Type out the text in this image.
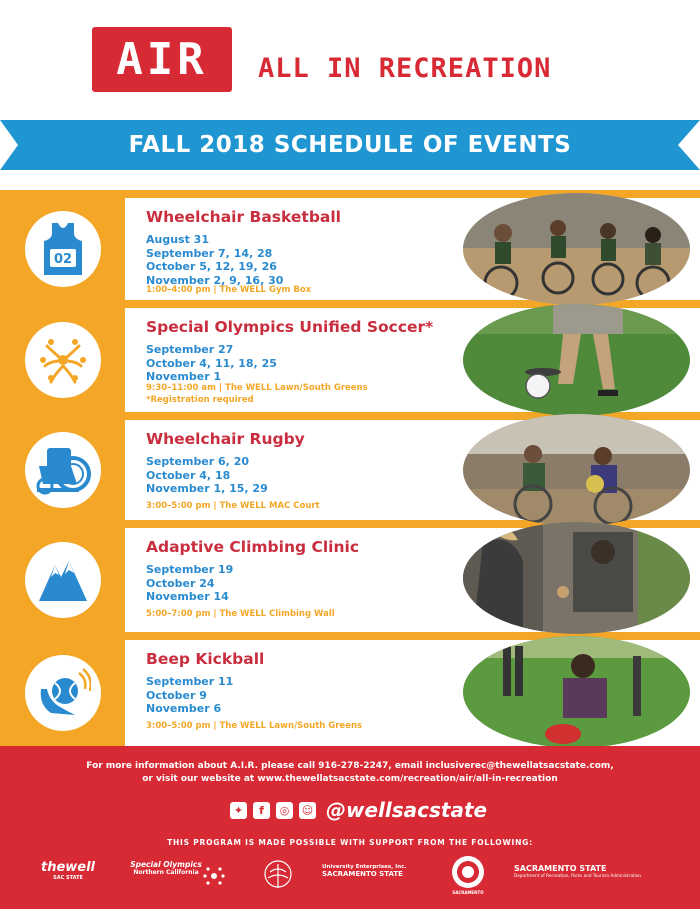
AIR ALL IN RECREATION
FALL 2018 SCHEDULE OF EVENTS
02
Wheelchair Basketball
August 31
September 7, 14, 28
October 5, 12, 19, 26
November 2, 9, 16, 30
1:00–4:00 pm | The WELL Gym Box
Special Olympics Unified Soccer*
September 27
October 4, 11, 18, 25
November 1
9:30–11:00 am | The WELL Lawn/South Greens
*Registration required
Wheelchair Rugby
September 6, 20
October 4, 18
November 1, 15, 29
3:00–5:00 pm | The WELL MAC Court
Adaptive Climbing Clinic
September 19
October 24
November 14
5:00–7:00 pm | The WELL Climbing Wall
Beep Kickball
September 11
October 9
November 6
3:00–5:00 pm | The WELL Lawn/South Greens
For more information about A.I.R. please call 916-278-2247, email inclusiverec@thewellatsacstate.com,
or visit our website at www.thewellatsacstate.com/recreation/air/all-in-recreation
✦	f	◎	☺ @wellsacstate
THIS PROGRAM IS MADE POSSIBLE WITH SUPPORT FROM THE FOLLOWING:
thewell
SAC STATE
Special Olympics
Northern California
University Enterprises, Inc.
SACRAMENTO STATE
SACRAMENTO
SACRAMENTO STATE
Department of Recreation, Parks and Tourism Administration
